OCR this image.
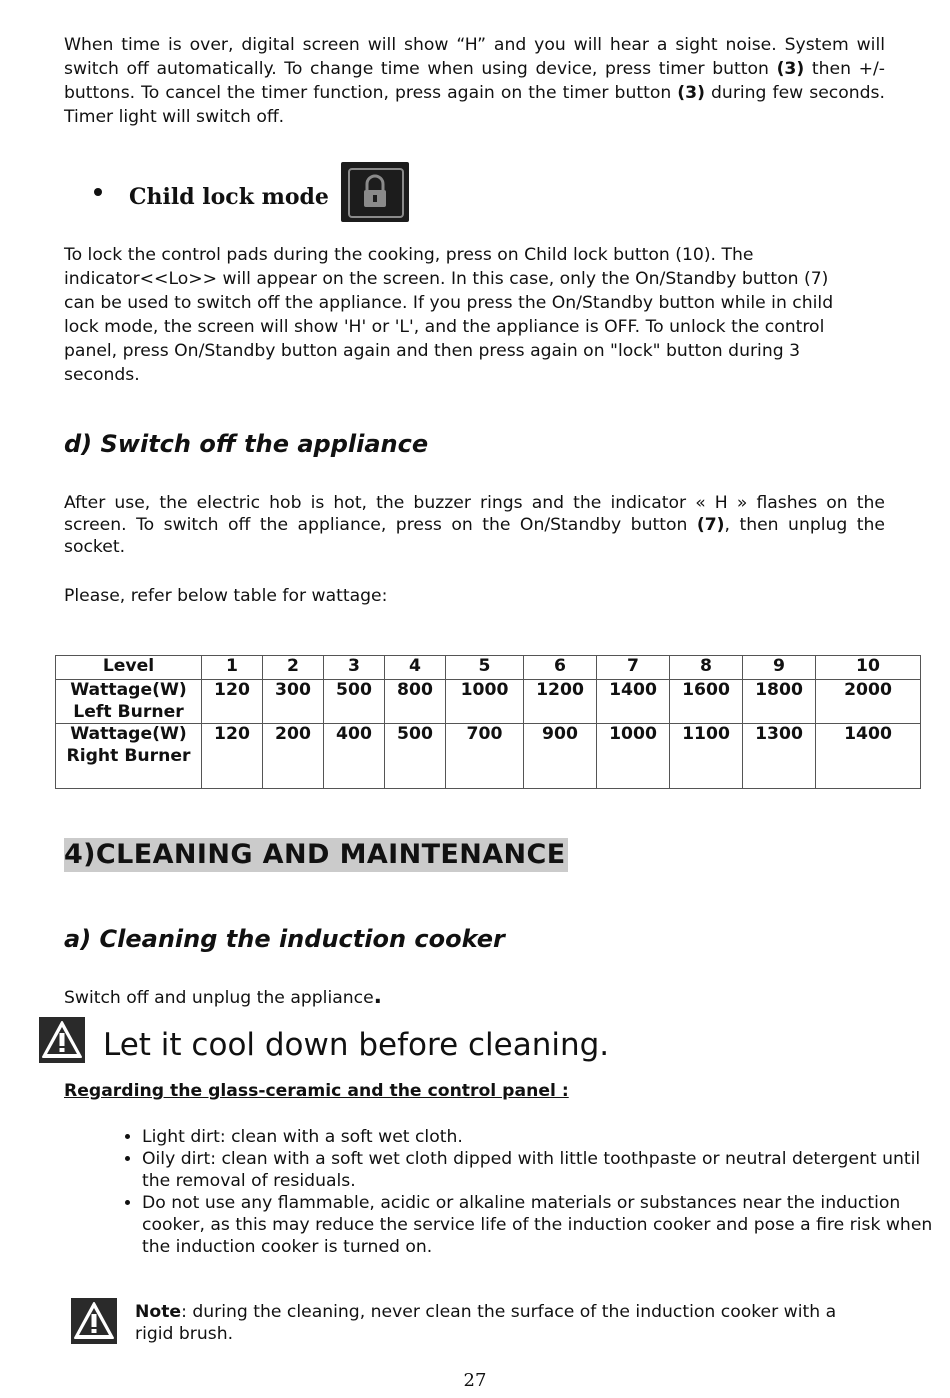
When time is over, digital screen will show “H” and you will hear a sight noise. System will switch off automatically. To change time when using device, press timer button (3) then +/- buttons. To cancel the timer function, press again on the timer button (3) during few seconds. Timer light will switch off.
Child lock mode
To lock the control pads during the cooking, press on Child lock button (10). The indicator<<Lo>> will appear on the screen. In this case, only the On/Standby button (7) can be used to switch off the appliance. If you press the On/Standby button while in child lock mode, the screen will show 'H' or 'L', and the appliance is OFF. To unlock the control panel, press On/Standby button again and then press again on "lock" button during 3 seconds.
d) Switch off the appliance
After use, the electric hob is hot, the buzzer rings and the indicator « H » flashes on the screen. To switch off the appliance, press on the On/Standby button (7), then unplug the socket.
Please, refer below table for wattage:
Level	1	2	3	4	5	6	7	8	9	10
Wattage(W) Left Burner	120	300	500	800	1000	1200	1400	1600	1800	2000
Wattage(W) Right Burner	120	200	400	500	700	900	1000	1100	1300	1400
4)CLEANING AND MAINTENANCE
a) Cleaning the induction cooker
Switch off and unplug the appliance.
Let it cool down before cleaning.
Regarding the glass-ceramic and the control panel :
• Light dirt: clean with a soft wet cloth.
• Oily dirt: clean with a soft wet cloth dipped with little toothpaste or neutral detergent until the removal of residuals.
• Do not use any flammable, acidic or alkaline materials or substances near the induction cooker, as this may reduce the service life of the induction cooker and pose a fire risk when the induction cooker is turned on.
Note: during the cleaning, never clean the surface of the induction cooker with a rigid brush.
27
